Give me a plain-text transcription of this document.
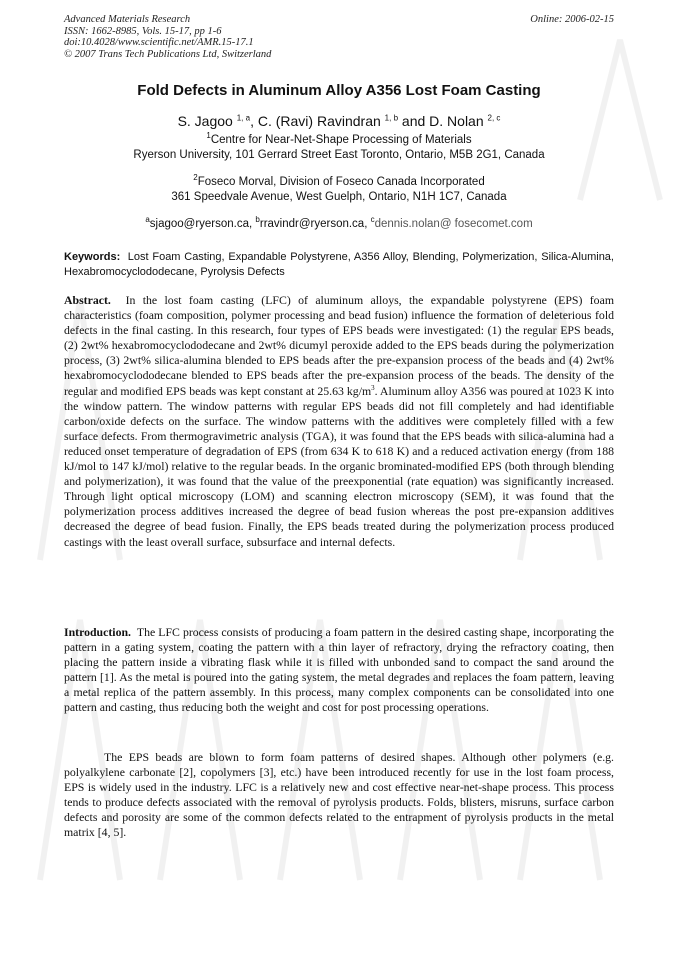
Advanced Materials Research
ISSN: 1662-8985, Vols. 15-17, pp 1-6
doi:10.4028/www.scientific.net/AMR.15-17.1
© 2007 Trans Tech Publications Ltd, Switzerland
Online: 2006-02-15
Fold Defects in Aluminum Alloy A356 Lost Foam Casting
S. Jagoo $^{1, a}$, C. (Ravi) Ravindran $^{1, b}$ and D. Nolan $^{2, c}$
$^1$Centre for Near-Net-Shape Processing of Materials
Ryerson University, 101 Gerrard Street East Toronto, Ontario, M5B 2G1, Canada
$^2$Foseco Morval, Division of Foseco Canada Incorporated
361 Speedvale Avenue, West Guelph, Ontario, N1H 1C7, Canada
$^a$sjagoo@ryerson.ca, $^b$rravindr@ryerson.ca, $^c$dennis.nolan@ fosecomet.com
Keywords: Lost Foam Casting, Expandable Polystyrene, A356 Alloy, Blending, Polymerization, Silica-Alumina, Hexabromocyclododecane, Pyrolysis Defects
Abstract. In the lost foam casting (LFC) of aluminum alloys, the expandable polystyrene (EPS) foam characteristics (foam composition, polymer processing and bead fusion) influence the formation of deleterious fold defects in the final casting. In this research, four types of EPS beads were investigated: (1) the regular EPS beads, (2) 2wt% hexabromocyclododecane and 2wt% dicumyl peroxide added to the EPS beads during the polymerization process, (3) 2wt% silica-alumina blended to EPS beads after the pre-expansion process of the beads and (4) 2wt% hexabromocyclododecane blended to EPS beads after the pre-expansion process of the beads. The density of the regular and modified EPS beads was kept constant at 25.63 $kg/m^3$. Aluminum alloy A356 was poured at 1023 K into the window pattern. The window patterns with regular EPS beads did not fill completely and had identifiable carbon/oxide defects on the surface. The window patterns with the additives were completely filled with a few surface defects. From thermogravimetric analysis (TGA), it was found that the EPS beads with silica-alumina had a reduced onset temperature of degradation of EPS (from 634 K to 618 K) and a reduced activation energy (from 188 kJ/mol to 147 kJ/mol) relative to the regular beads. In the organic brominated-modified EPS (both through blending and polymerization), it was found that the value of the preexponential (rate equation) was significantly increased. Through light optical microscopy (LOM) and scanning electron microscopy (SEM), it was found that the polymerization process additives increased the degree of bead fusion whereas the post pre-expansion additives decreased the degree of bead fusion. Finally, the EPS beads treated during the polymerization process produced castings with the least overall surface, subsurface and internal defects.
Introduction. The LFC process consists of producing a foam pattern in the desired casting shape, incorporating the pattern in a gating system, coating the pattern with a thin layer of refractory, drying the refractory coating, then placing the pattern inside a vibrating flask while it is filled with unbonded sand to compact the sand around the pattern [1]. As the metal is poured into the gating system, the metal degrades and replaces the foam pattern, leaving a metal replica of the pattern assembly. In this process, many complex components can be consolidated into one pattern and casting, thus reducing both the weight and cost for post processing operations.
The EPS beads are blown to form foam patterns of desired shapes. Although other polymers (e.g. polyalkylene carbonate [2], copolymers [3], etc.) have been introduced recently for use in the lost foam process, EPS is widely used in the industry. LFC is a relatively new and cost effective near-net-shape process. This process tends to produce defects associated with the removal of pyrolysis products. Folds, blisters, misruns, surface carbon defects and porosity are some of the common defects related to the entrapment of pyrolysis products in the metal matrix [4, 5].
